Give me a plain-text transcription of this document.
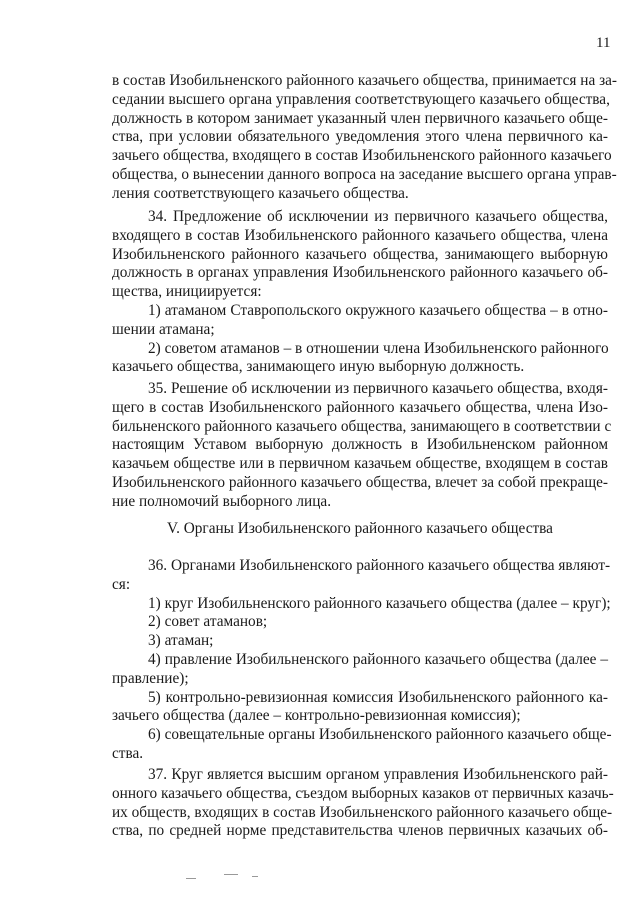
11
в состав Изобильненского районного казачьего общества, принимается на за-
седании высшего органа управления соответствующего казачьего общества,
должность в котором занимает указанный член первичного казачьего обще-
ства, при условии обязательного уведомления этого члена первичного ка-
зачьего общества, входящего в состав Изобильненского районного казачьего
общества, о вынесении данного вопроса на заседание высшего органа управ-
ления соответствующего казачьего общества.
34. Предложение об исключении из первичного казачьего общества,
входящего в состав Изобильненского районного казачьего общества, члена
Изобильненского районного казачьего общества, занимающего выборную
должность в органах управления Изобильненского районного казачьего об-
щества, инициируется:
1) атаманом Ставропольского окружного казачьего общества – в отно-
шении атамана;
2) советом атаманов – в отношении члена Изобильненского районного
казачьего общества, занимающего иную выборную должность.
35. Решение об исключении из первичного казачьего общества, входя-
щего в состав Изобильненского районного казачьего общества, члена Изо-
бильненского районного казачьего общества, занимающего в соответствии с
настоящим Уставом выборную должность в Изобильненском районном
казачьем обществе или в первичном казачьем обществе, входящем в состав
Изобильненского районного казачьего общества, влечет за собой прекраще-
ние полномочий выборного лица.
V. Органы Изобильненского районного казачьего общества
36. Органами Изобильненского районного казачьего общества являют-
ся:
1) круг Изобильненского районного казачьего общества (далее – круг);
2) совет атаманов;
3) атаман;
4) правление Изобильненского районного казачьего общества (далее –
правление);
5) контрольно-ревизионная комиссия Изобильненского районного ка-
зачьего общества (далее – контрольно-ревизионная комиссия);
6) совещательные органы Изобильненского районного казачьего обще-
ства.
37. Круг является высшим органом управления Изобильненского рай-
онного казачьего общества, съездом выборных казаков от первичных казачь-
их обществ, входящих в состав Изобильненского районного казачьего обще-
ства, по средней норме представительства членов первичных казачьих об-
